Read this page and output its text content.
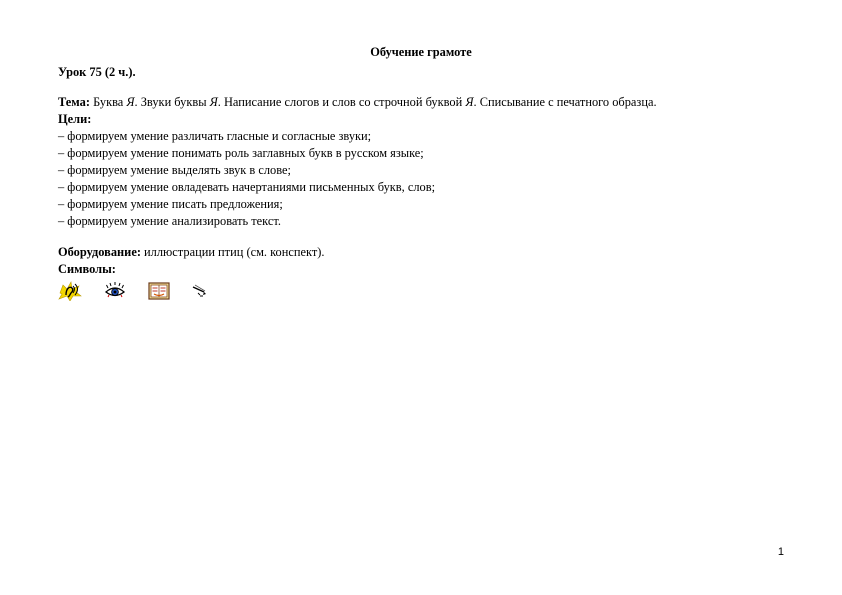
Обучение грамоте
Урок 75 (2 ч.).
Тема: Буква Я. Звуки буквы Я. Написание слогов и слов со строчной буквой Я. Списывание с печатного образца.
Цели:
– формируем умение различать гласные и согласные звуки;
– формируем умение понимать роль заглавных букв в русском языке;
– формируем умение выделять звук в слове;
– формируем умение овладевать начертаниями письменных букв, слов;
– формируем умение писать предложения;
– формируем умение анализировать текст.
Оборудование: иллюстрации птиц (см. конспект).
Символы:
1
